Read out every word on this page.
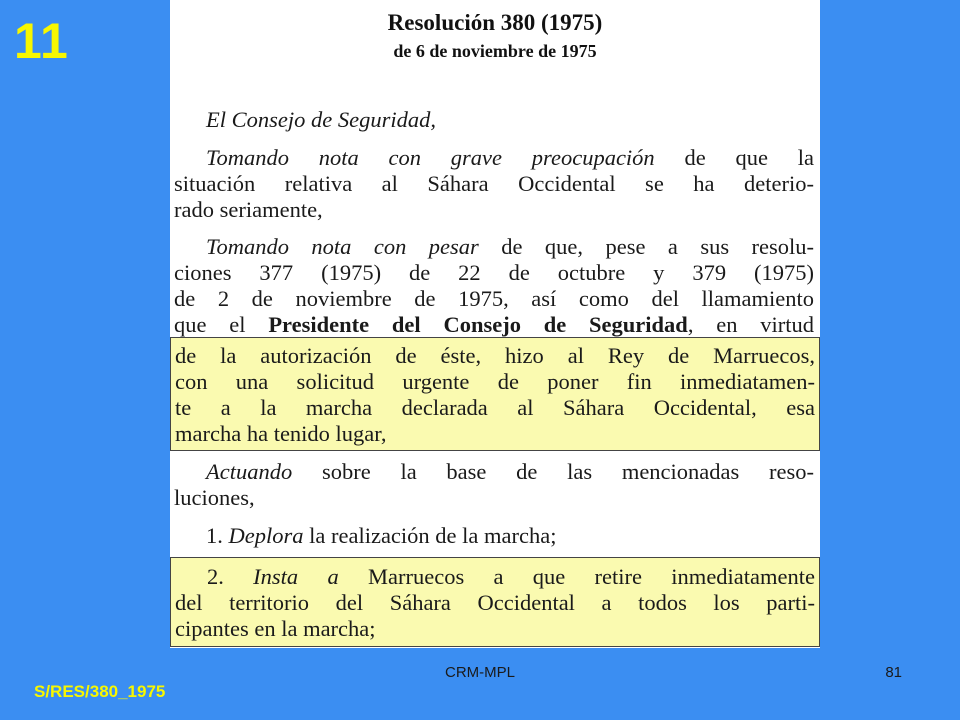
11	Resolución 380 (1975)
de 6 de noviembre de 1975
El Consejo de Seguridad,
Tomando nota con grave preocupación de que la
situación relativa al Sáhara Occidental se ha deterio-
rado seriamente,
Tomando nota con pesar de que, pese a sus resolu-
ciones 377 (1975) de 22 de octubre y 379 (1975)
de 2 de noviembre de 1975, así como del llamamiento
que el Presidente del Consejo de Seguridad, en virtud
Actuando sobre la base de las mencionadas reso-
luciones,
1. Deplora la realización de la marcha;
de la autorización de éste, hizo al Rey de Marruecos,
con una solicitud urgente de poner fin inmediatamen-
te a la marcha declarada al Sáhara Occidental, esa
marcha ha tenido lugar,
2. Insta a Marruecos a que retire inmediatamente
del territorio del Sáhara Occidental a todos los parti-
cipantes en la marcha;
CRM-MPL	81
S/RES/380_1975
